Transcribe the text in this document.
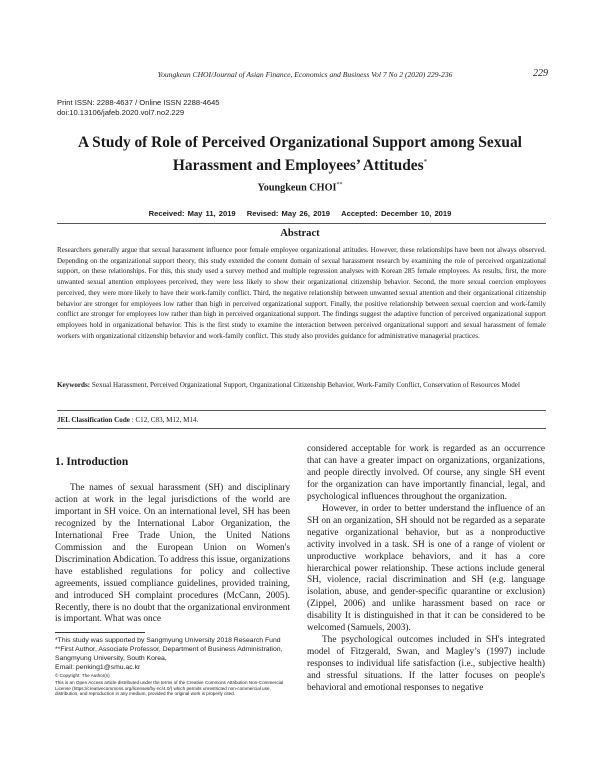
Youngkeun CHOI/Journal of Asian Finance, Economics and Business Vol 7 No 2 (2020) 229-236	229
Print ISSN: 2288-4637 / Online ISSN 2288-4645
doi:10.13106/jafeb.2020.vol7.no2.229
A Study of Role of Perceived Organizational Support among Sexual
Harassment and Employees’ Attitudes*
Youngkeun CHOI**
Received: May 11, 2019 Revised: May 26, 2019 Accepted: December 10, 2019
Abstract
Researchers generally argue that sexual harassment influence poor female employee organizational attitudes. However, these relationships have been not always observed. Depending on the organizational support theory, this study extended the content domain of sexual harassment research by examining the role of perceived organizational support, on these relationships. For this, this study used a survey method and multiple regression analyses with Korean 285 female employees. As results, first, the more unwanted sexual attention employees perceived, they were less likely to show their organizational citizenship behavior. Second, the more sexual coercion employees perceived, they were more likely to have their work-family conflict. Third, the negative relationship between unwanted sexual attention and their organizational citizenship behavior are stronger for employees low rather than high in perceived organizational support. Finally, the positive relationship between sexual coercion and work-family conflict are stronger for employees low rather than high in perceived organizational support. The findings suggest the adaptive function of perceived organizational support employees hold in organizational behavior. This is the first study to examine the interaction between perceived organizational support and sexual harassment of female workers with organizational citizenship behavior and work-family conflict. This study also provides guidance for administrative managerial practices.
Keywords: Sexual Harassment, Perceived Organizational Support, Organizational Citizenship Behavior, Work-Family Conflict, Conservation of Resources Model
JEL Classification Code : C12, C83, M12, M14.
1. Introduction

The names of sexual harassment (SH) and disciplinary action at work in the legal jurisdictions of the world are important in SH voice. On an international level, SH has been recognized by the International Labor Organization, the International Free Trade Union, the United Nations Commission and the European Union on Women's Discrimination Abdication. To address this issue, organizations have established regulations for policy and collective agreements, issued compliance guidelines, provided training, and introduced SH complaint procedures (McCann, 2005). Recently, there is no doubt that the organizational environment is important. What was once

considered acceptable for work is regarded as an occurrence that can have a greater impact on organizations, organizations, and people directly involved. Of course, any single SH event for the organization can have importantly financial, legal, and psychological influences throughout the organization.

However, in order to better understand the influence of an SH on an organization, SH should not be regarded as a separate negative organizational behavior, but as a nonproductive activity involved in a task. SH is one of a range of violent or unproductive workplace behaviors, and it has a core hierarchical power relationship. These actions include general SH, violence, racial discrimination and SH (e.g. language isolation, abuse, and gender-specific quarantine or exclusion) (Zippel, 2006) and unlike harassment based on race or disability It is distinguished in that it can be considered to be welcomed (Samuels, 2003).

The psychological outcomes included in SH's integrated model of Fitzgerald, Swan, and Magley’s (1997) include responses to individual life satisfaction (i.e., subjective health) and stressful situations. If the latter focuses on people's behavioral and emotional responses to negative

*This study was supported by Sangmyung University 2018 Research Fund
**First Author, Associate Professor, Department of Business Administration, Sangmyung University, South Korea,
Email: penking1@smu.ac.kr
© Copyright: The Author(s)
This is an Open Access article distributed under the terms of the Creative Commons Attribution Non-Commercial License (https://creativecommons.org/licenses/by-nc/4.0/) which permits unrestricted non-commercial use, distribution, and reproduction in any medium, provided the original work is properly cited.
